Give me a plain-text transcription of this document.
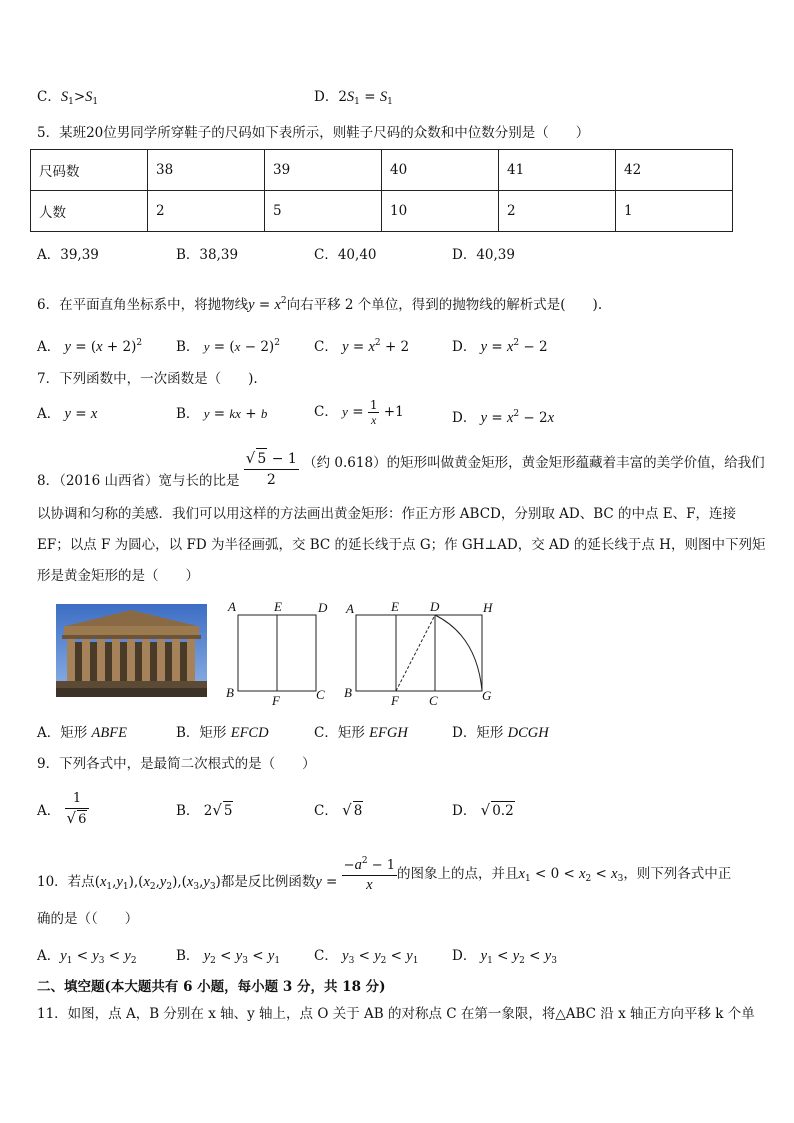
C．$S_1>S_1$	D．$2S_1 = S_1$
5．某班20位男同学所穿鞋子的尺码如下表所示，则鞋子尺码的众数和中位数分别是（　　）
尺码数	38	39	40	41	42
人数	2	5	10	2	1
A．39,39	B．38,39	C．40,40	D．40,39
6．在平面直角坐标系中，将抛物线$y = x^2$向右平移 2 个单位，得到的抛物线的解析式是(　　).
A． $y = (x + 2)^2$	B． $y = (x - 2)^2$	C． $y = x^2 + 2$	D． $y = x^2 - 2$
7．下列函数中，一次函数是（　　).
A． y = x	B． y = kx + b	C． $y = \frac{1}{x} +1$	D． $y = x^2 - 2x$
8．（2016 山西省）宽与长的比是 $\frac{√ 5 - 1}{2}$ （约 0.618）的矩形叫做黄金矩形，黄金矩形蕴藏着丰富的美学价值，给我们
以协调和匀称的美感．我们可以用这样的方法画出黄金矩形：作正方形 ABCD，分别取 AD、BC 的中点 E、F，连接
EF；以点 F 为圆心，以 FD 为半径画弧，交 BC 的延长线于点 G；作 GH⊥AD，交 AD 的延长线于点 H，则图中下列矩
形是黄金矩形的是（　　）
A	E	D
B
F	C
A	E D	H
B
F C	G
A．矩形 ABFE	B．矩形 EFCD	C．矩形 EFGH	D．矩形 DCGH
9．下列各式中，是最简二次根式的是（　　）
A． $\frac{1}{√ 6}$	B． 2√ 5	C． √ 8	D． √ 0.2
10．若点$(x_1,y_1),(x_2,y_2),(x_3,y_3)$都是反比例函数$y = \frac{-a^2 - 1}{x}$ 的图象上的点，并且$x_1 < 0 < x_2 < x_3$，则下列各式中正
确的是（（　　）
A．$y_1 < y_3 < y_2$	B． $y_2 < y_3 < y_1$	C． $y_3 < y_2 < y_1$ D． $y_1 < y_2 < y_3$
二、填空题(本大题共有 6 小题，每小题 3 分，共 18 分)
11．如图，点 A，B 分别在 x 轴、y 轴上，点 O 关于 AB 的对称点 C 在第一象限，将△ABC 沿 x 轴正方向平移 k 个单
